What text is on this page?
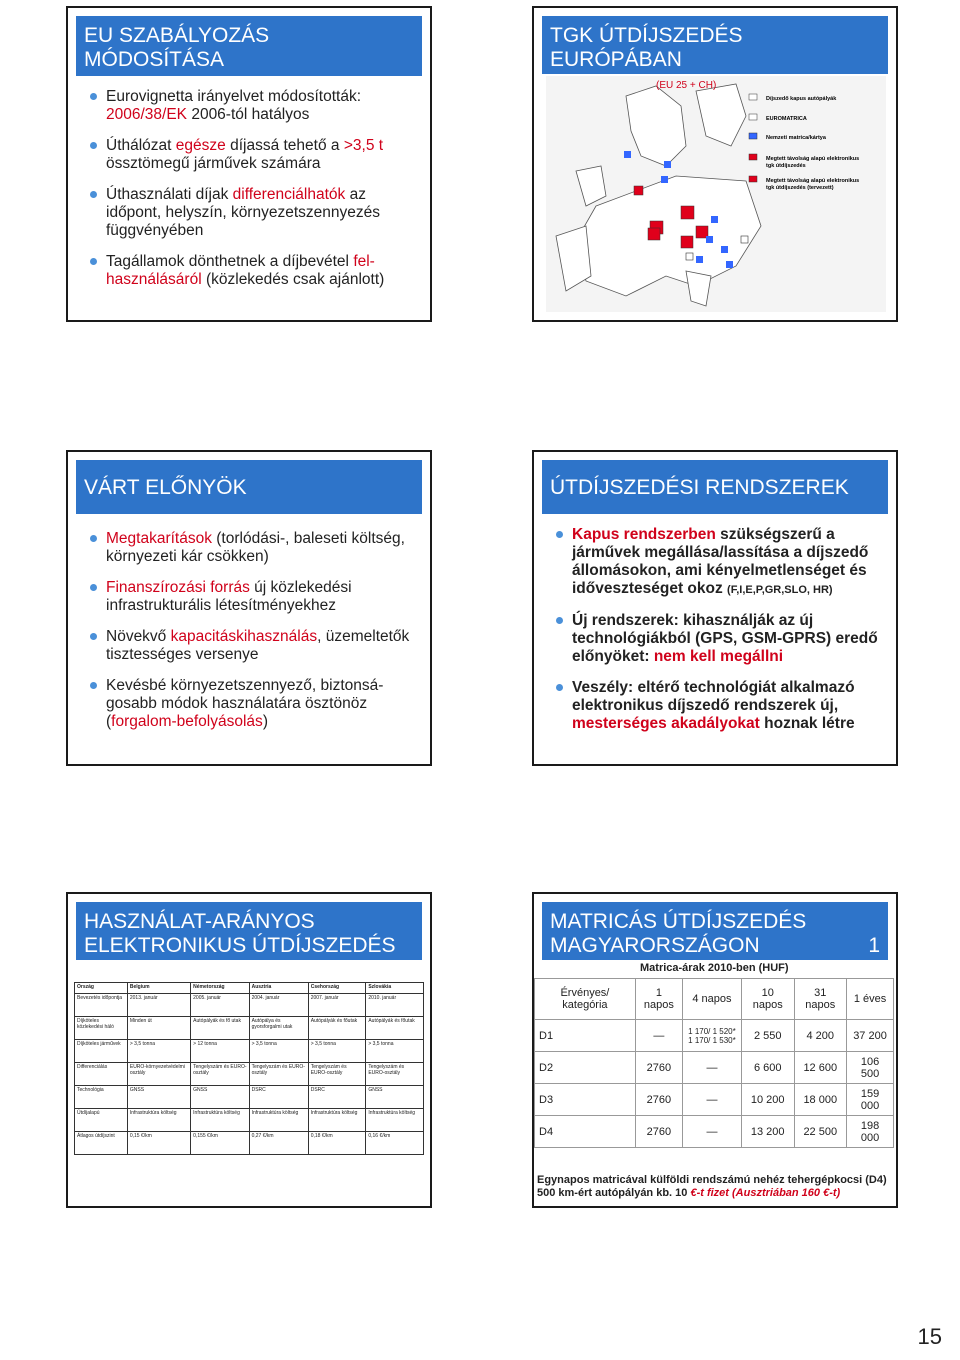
EU SZABÁLYOZÁS
MÓDOSÍTÁSA
Eurovignetta irányelvet módosították: 2006/38/EK 2006-tól hatályos
Úthálózat egésze díjassá tehető a >3,5 t össztömegű járművek számára
Úthasználati díjak differenciálhatók az időpont, helyszín, környezetszennyezés függvényében
Tagállamok dönthetnek a díjbevétel fel-használásáról (közlekedés csak ajánlott)
TGK ÚTDÍJSZEDÉS EURÓPÁBAN
(EU 25 + CH)
Díjszedő kapus autópályák
EUROMATRICA
Nemzeti matrica/kártya
Megtett távolság alapú elektronikus
tgk útdíjszedés
Megtett távolság alapú elektronikus
tgk útdíjszedés (tervezett)
VÁRT ELŐNYÖK
Megtakarítások (torlódási-, baleseti költség, környezeti kár csökken)
Finanszírozási forrás új közlekedési infrastrukturális létesítményekhez
Növekvő kapacitáskihasználás, üzemeltetők tisztességes versenye
Kevésbé környezetszennyező, biztonsá-gosabb módok használatára ösztönöz (forgalom-befolyásolás)
ÚTDÍJSZEDÉSI RENDSZEREK
Kapus rendszerben szükségszerű a járművek megállása/lassítása a díjszedő állomásokon, ami kényelmetlenséget és időveszteséget okoz (F,I,E,P,GR,SLO, HR)
Új rendszerek: kihasználják az új technológiákból (GPS, GSM-GPRS) eredő előnyöket: nem kell megállni
Veszély: eltérő technológiát alkalmazó elektronikus díjszedő rendszerek új, mesterséges akadályokat hoznak létre
HASZNÁLAT-ARÁNYOS
ELEKTRONIKUS ÚTDÍJSZEDÉS
Ország	Belgium	Németország	Ausztria	Csehország	Szlovákia
Bevezetés időpontja	2013. január	2005. január	2004. január	2007. január	2010. január
Díjköteles közlekedési háló	Minden út	Autópályák és fő utak	Autópálya és gyorsforgalmi utak	Autópályák és főutak	Autópályák és főutak
Díjköteles járművek	> 3,5 tonna	> 12 tonna	> 3,5 tonna	> 3,5 tonna	> 3,5 tonna
Differenciálás	EURO-környezetvédelmi osztály	Tengelyszám és EURO-osztály	Tengelyszám és EURO-osztály	Tengelyszám és EURO-osztály	Tengelyszám és EURO-osztály
Technológia	GNSS	GNSS	DSRC	DSRC	GNSS
Útdíjalapú	Infrastruktúra költség	Infrastruktúra költség	Infrastruktúra költség	Infrastruktúra költség	Infrastruktúra költség
Átlagos útdíjszint	0,15 €/km	0,155 €/km	0,27 €/km	0,18 €/km	0,16 €/km
MATRICÁS ÚTDÍJSZEDÉS
MAGYARORSZÁGON	1
Matrica-árak 2010-ben (HUF)
Érvényes/ kategória	1 napos	4 napos	10 napos	31 napos	1 éves
D1	—	1 170/ 1 520* 1 170/ 1 530*	2 550	4 200	37 200
D2	2760	—	6 600	12 600	106 500
D3	2760	—	10 200	18 000	159 000
D4	2760	—	13 200	22 500	198 000
Egynapos matricával külföldi rendszámú nehéz tehergépkocsi (D4)
500 km-ért autópályán kb. 10 €-t fizet (Ausztriában 160 €-t)
15
